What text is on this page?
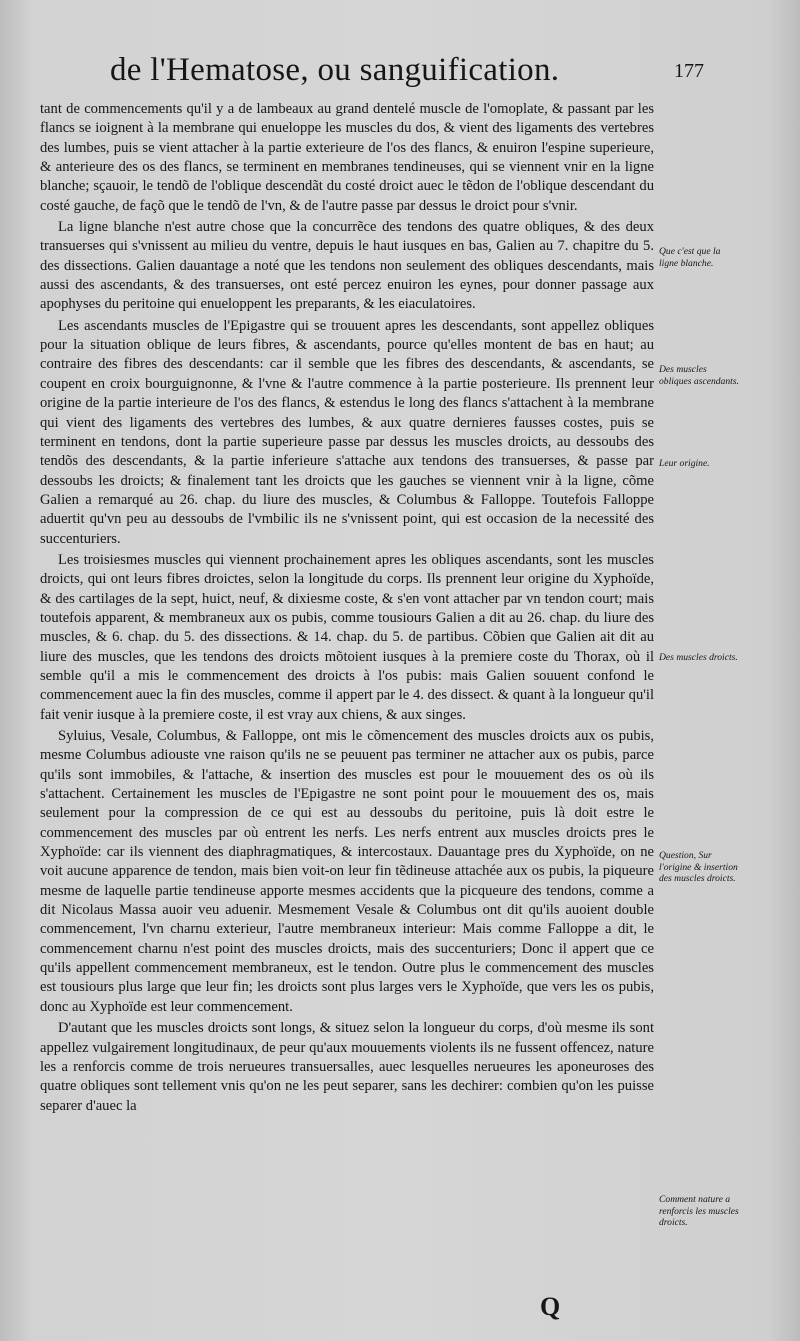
de l'Hematose, ou sanguification.	177

tant de commencements qu'il y a de lambeaux au grand dentelé muscle de l'omoplate, & passant par les flancs se ioignent à la membrane qui enueloppe les muscles du dos, & vient des ligaments des vertebres des lumbes, puis se vient attacher à la partie exterieure de l'os des flancs, & enuiron l'espine superieure, & anterieure des os des flancs, se terminent en membranes tendineuses, qui se viennent vnir en la ligne blanche; sçauoir, le tendõ de l'oblique descendãt du costé droict auec le tẽdon de l'oblique descendant du costé gauche, de façõ que le tendõ de l'vn, & de l'autre passe par dessus le droict pour s'vnir.

La ligne blanche n'est autre chose que la concurrẽce des tendons des quatre obliques, & des deux transuerses qui s'vnissent au milieu du ventre, depuis le haut iusques en bas, Galien au 7. chapitre du 5. des dissections. Galien dauantage a noté que les tendons non seulement des obliques descendants, mais aussi des ascendants, & des transuerses, ont esté percez enuiron les eynes, pour donner passage aux apophyses du peritoine qui enueloppent les preparants, & les eiaculatoires.

Les ascendants muscles de l'Epigastre qui se trouuent apres les descendants, sont appellez obliques pour la situation oblique de leurs fibres, & ascendants, pource qu'elles montent de bas en haut; au contraire des fibres des descendants: car il semble que les fibres des descendants, & ascendants, se coupent en croix bourguignonne, & l'vne & l'autre commence à la partie posterieure. Ils prennent leur origine de la partie interieure de l'os des flancs, & estendus le long des flancs s'attachent à la membrane qui vient des ligaments des vertebres des lumbes, & aux quatre dernieres fausses costes, puis se terminent en tendons, dont la partie superieure passe par dessus les muscles droicts, au dessoubs des tendõs des descendants, & la partie inferieure s'attache aux tendons des transuerses, & passe par dessoubs les droicts; & finalement tant les droicts que les gauches se viennent vnir à la ligne, cõme Galien a remarqué au 26. chap. du liure des muscles, & Columbus & Falloppe. Toutefois Falloppe aduertit qu'vn peu au dessoubs de l'vmbilic ils ne s'vnissent point, qui est occasion de la necessité des succenturiers.

Les troisiesmes muscles qui viennent prochainement apres les obliques ascendants, sont les muscles droicts, qui ont leurs fibres droictes, selon la longitude du corps. Ils prennent leur origine du Xyphoïde, & des cartilages de la sept, huict, neuf, & dixiesme coste, & s'en vont attacher par vn tendon court; mais toutefois apparent, & membraneux aux os pubis, comme tousiours Galien a dit au 26. chap. du liure des muscles, & 6. chap. du 5. des dissections. & 14. chap. du 5. de partibus. Cõbien que Galien ait dit au liure des muscles, que les tendons des droicts mõtoient iusques à la premiere coste du Thorax, où il semble qu'il a mis le commencement des droicts à l'os pubis: mais Galien souuent confond le commencement auec la fin des muscles, comme il appert par le 4. des dissect. & quant à la longueur qu'il fait venir iusque à la premiere coste, il est vray aux chiens, & aux singes.

Syluius, Vesale, Columbus, & Falloppe, ont mis le cõmencement des muscles droicts aux os pubis, mesme Columbus adiouste vne raison qu'ils ne se peuuent pas terminer ne attacher aux os pubis, parce qu'ils sont immobiles, & l'attache, & insertion des muscles est pour le mouuement des os où ils s'attachent. Certainement les muscles de l'Epigastre ne sont point pour le mouuement des os, mais seulement pour la compression de ce qui est au dessoubs du peritoine, puis là doit estre le commencement des muscles par où entrent les nerfs. Les nerfs entrent aux muscles droicts pres le Xyphoïde: car ils viennent des diaphragmatiques, & intercostaux. Dauantage pres du Xyphoïde, on ne voit aucune apparence de tendon, mais bien voit-on leur fin tẽdineuse attachée aux os pubis, la piqueure mesme de laquelle partie tendineuse apporte mesmes accidents que la picqueure des tendons, comme a dit Nicolaus Massa auoir veu aduenir. Mesmement Vesale & Columbus ont dit qu'ils auoient double commencement, l'vn charnu exterieur, l'autre membraneux interieur: Mais comme Falloppe a dit, le commencement charnu n'est point des muscles droicts, mais des succenturiers; Donc il appert que ce qu'ils appellent commencement membraneux, est le tendon. Outre plus le commencement des muscles est tousiours plus large que leur fin; les droicts sont plus larges vers le Xyphoïde, que vers les os pubis, donc au Xyphoïde est leur commencement.

D'autant que les muscles droicts sont longs, & situez selon la longueur du corps, d'où mesme ils sont appellez vulgairement longitudinaux, de peur qu'aux mouuements violents ils ne fussent offencez, nature les a renforcis comme de trois nerueures transuersalles, auec lesquelles nerueures les aponeuroses des quatre obliques sont tellement vnis qu'on ne les peut separer, sans les dechirer: combien qu'on les puisse separer d'auec la

Que c'est que la ligne blanche.
Des muscles obliques ascendants.
Leur origine.
Des muscles droicts.
Question, Sur l'origine & insertion des muscles droicts.
Comment nature a renforcis les muscles droicts.
Q
